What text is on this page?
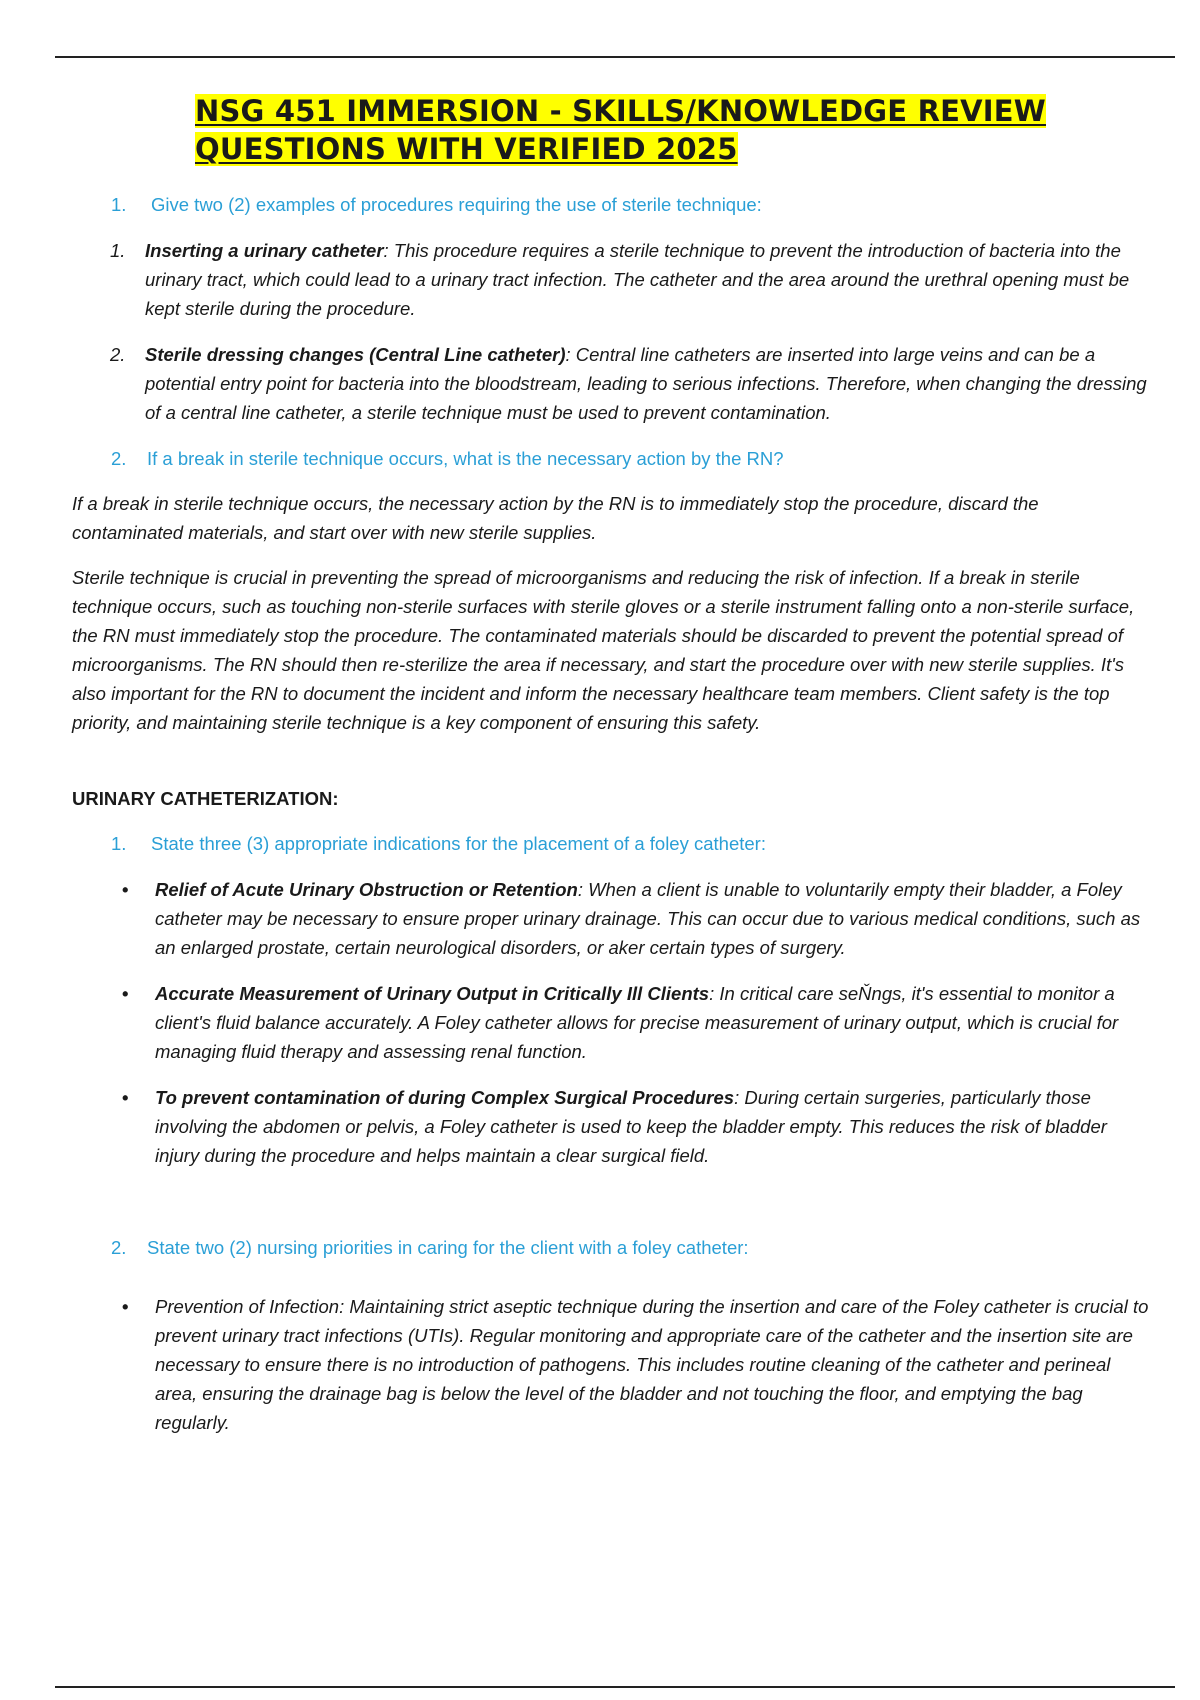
NSG 451 IMMERSION - SKILLS/KNOWLEDGE REVIEW
QUESTIONS WITH VERIFIED 2025
1. Give two (2) examples of procedures requiring the use of sterile technique:
1. Inserting a urinary catheter: This procedure requires a sterile technique to prevent the introduction of bacteria into the urinary tract, which could lead to a urinary tract infection. The catheter and the area around the urethral opening must be kept sterile during the procedure.
2. Sterile dressing changes (Central Line catheter): Central line catheters are inserted into large veins and can be a potential entry point for bacteria into the bloodstream, leading to serious infections. Therefore, when changing the dressing of a central line catheter, a sterile technique must be used to prevent contamination.
2. If a break in sterile technique occurs, what is the necessary action by the RN?
If a break in sterile technique occurs, the necessary action by the RN is to immediately stop the procedure, discard the contaminated materials, and start over with new sterile supplies.
Sterile technique is crucial in preventing the spread of microorganisms and reducing the risk of infection. If a break in sterile technique occurs, such as touching non-sterile surfaces with sterile gloves or a sterile instrument falling onto a non-sterile surface, the RN must immediately stop the procedure. The contaminated materials should be discarded to prevent the potential spread of microorganisms. The RN should then re-sterilize the area if necessary, and start the procedure over with new sterile supplies. It's also important for the RN to document the incident and inform the necessary healthcare team members. Client safety is the top priority, and maintaining sterile technique is a key component of ensuring this safety.
URINARY CATHETERIZATION:
1. State three (3) appropriate indications for the placement of a foley catheter:
• Relief of Acute Urinary Obstruction or Retention: When a client is unable to voluntarily empty their bladder, a Foley catheter may be necessary to ensure proper urinary drainage. This can occur due to various medical conditions, such as an enlarged prostate, certain neurological disorders, or aker certain types of surgery.
• Accurate Measurement of Urinary Output in Critically Ill Clients: In critical care seŇngs, it's essential to monitor a client's fluid balance accurately. A Foley catheter allows for precise measurement of urinary output, which is crucial for managing fluid therapy and assessing renal function.
• To prevent contamination of during Complex Surgical Procedures: During certain surgeries, particularly those involving the abdomen or pelvis, a Foley catheter is used to keep the bladder empty. This reduces the risk of bladder injury during the procedure and helps maintain a clear surgical field.
2. State two (2) nursing priorities in caring for the client with a foley catheter:
• Prevention of Infection: Maintaining strict aseptic technique during the insertion and care of the Foley catheter is crucial to prevent urinary tract infections (UTIs). Regular monitoring and appropriate care of the catheter and the insertion site are necessary to ensure there is no introduction of pathogens. This includes routine cleaning of the catheter and perineal area, ensuring the drainage bag is below the level of the bladder and not touching the floor, and emptying the bag regularly.
